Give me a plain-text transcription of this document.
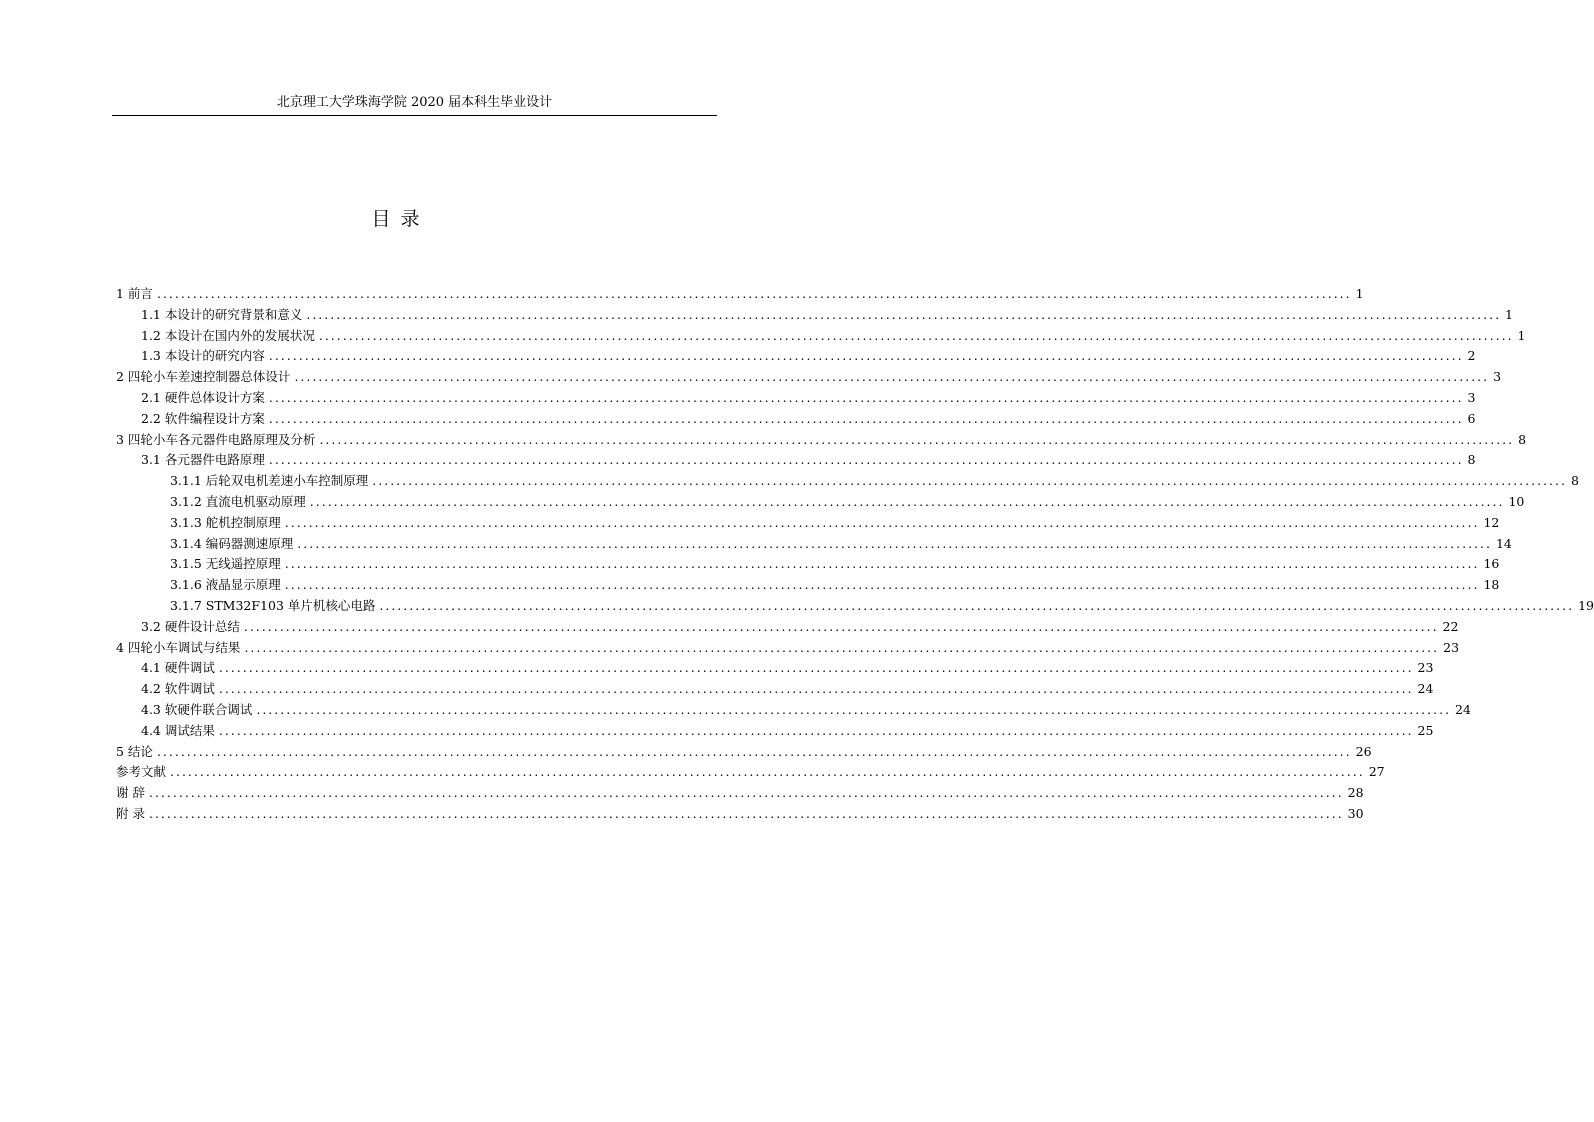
北京理工大学珠海学院 2020 届本科生毕业设计
目 录
1 前言 ........................................................................................................................................................................................................ 1
1.1 本设计的研究背景和意义 ........................................................................................................................................................................................................ 1
1.2 本设计在国内外的发展状况 ........................................................................................................................................................................................................ 1
1.3 本设计的研究内容 ........................................................................................................................................................................................................ 2
2 四轮小车差速控制器总体设计 ........................................................................................................................................................................................................ 3
2.1 硬件总体设计方案 ........................................................................................................................................................................................................ 3
2.2 软件编程设计方案 ........................................................................................................................................................................................................ 6
3 四轮小车各元器件电路原理及分析 ........................................................................................................................................................................................................ 8
3.1 各元器件电路原理 ........................................................................................................................................................................................................ 8
3.1.1 后轮双电机差速小车控制原理 ........................................................................................................................................................................................................ 8
3.1.2 直流电机驱动原理 ........................................................................................................................................................................................................ 10
3.1.3 舵机控制原理 ........................................................................................................................................................................................................ 12
3.1.4 编码器测速原理 ........................................................................................................................................................................................................ 14
3.1.5 无线遥控原理 ........................................................................................................................................................................................................ 16
3.1.6 液晶显示原理 ........................................................................................................................................................................................................ 18
3.1.7 STM32F103 单片机核心电路 ........................................................................................................................................................................................................ 19
3.2 硬件设计总结 ........................................................................................................................................................................................................ 22
4 四轮小车调试与结果 ........................................................................................................................................................................................................ 23
4.1 硬件调试 ........................................................................................................................................................................................................ 23
4.2 软件调试 ........................................................................................................................................................................................................ 24
4.3 软硬件联合调试 ........................................................................................................................................................................................................ 24
4.4 调试结果 ........................................................................................................................................................................................................ 25
5 结论 ........................................................................................................................................................................................................ 26
参考文献 ........................................................................................................................................................................................................ 27
谢 辞 ........................................................................................................................................................................................................ 28
附 录 ........................................................................................................................................................................................................ 30
